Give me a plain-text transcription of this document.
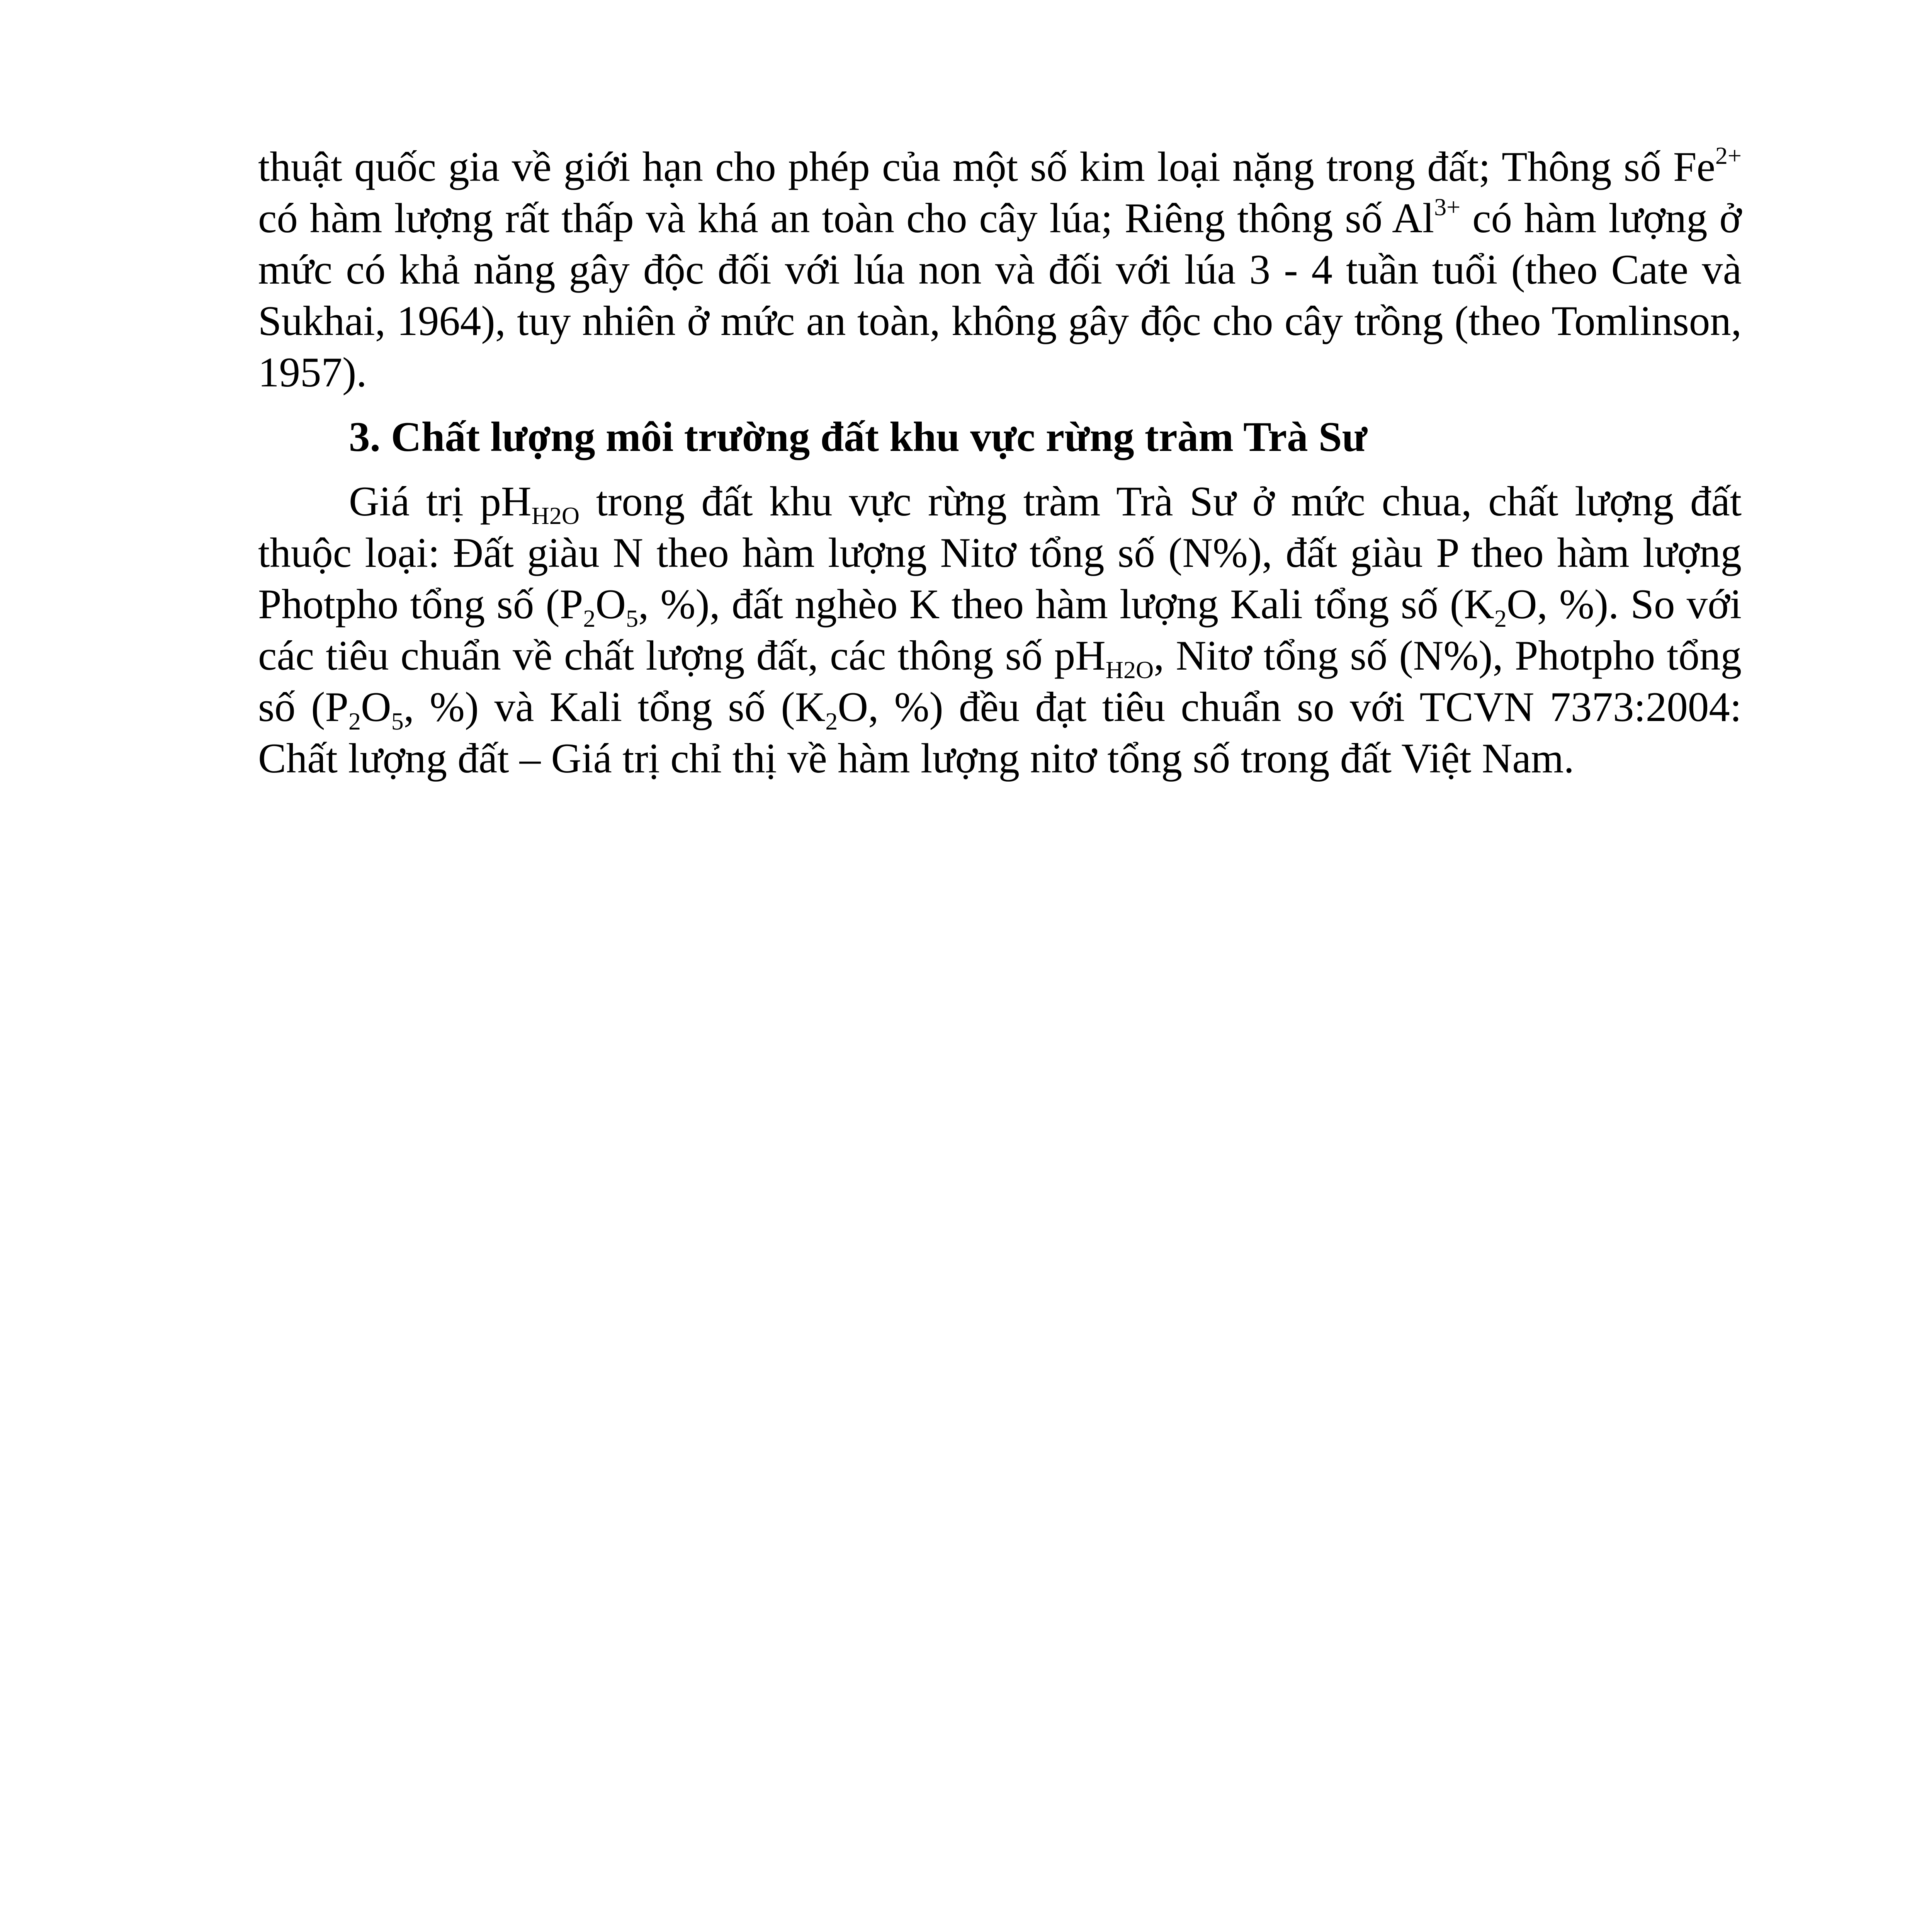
thuật quốc gia về giới hạn cho phép của một số kim loại nặng trong đất; Thông số $Fe^{2+}$ có hàm lượng rất thấp và khá an toàn cho cây lúa; Riêng thông số $Al^{3+}$ có hàm lượng ở mức có khả năng gây độc đối với lúa non và đối với lúa 3 - 4 tuần tuổi (theo Cate và Sukhai, 1964), tuy nhiên ở mức an toàn, không gây độc cho cây trồng (theo Tomlinson, 1957).

3. Chất lượng môi trường đất khu vực rừng tràm Trà Sư

Giá trị $pH_{H2O}$ trong đất khu vực rừng tràm Trà Sư ở mức chua, chất lượng đất thuộc loại: Đất giàu N theo hàm lượng Nitơ tổng số (N%), đất giàu P theo hàm lượng Photpho tổng số ($P_2O_5$, %), đất nghèo K theo hàm lượng Kali tổng số ($K_2O$, %). So với các tiêu chuẩn về chất lượng đất, các thông số $pH_{H2O}$, Nitơ tổng số (N%), Photpho tổng số ($P_2O_5$, %) và Kali tổng số ($K_2O$, %) đều đạt tiêu chuẩn so với TCVN 7373:2004: Chất lượng đất – Giá trị chỉ thị về hàm lượng nitơ tổng số trong đất Việt Nam.
